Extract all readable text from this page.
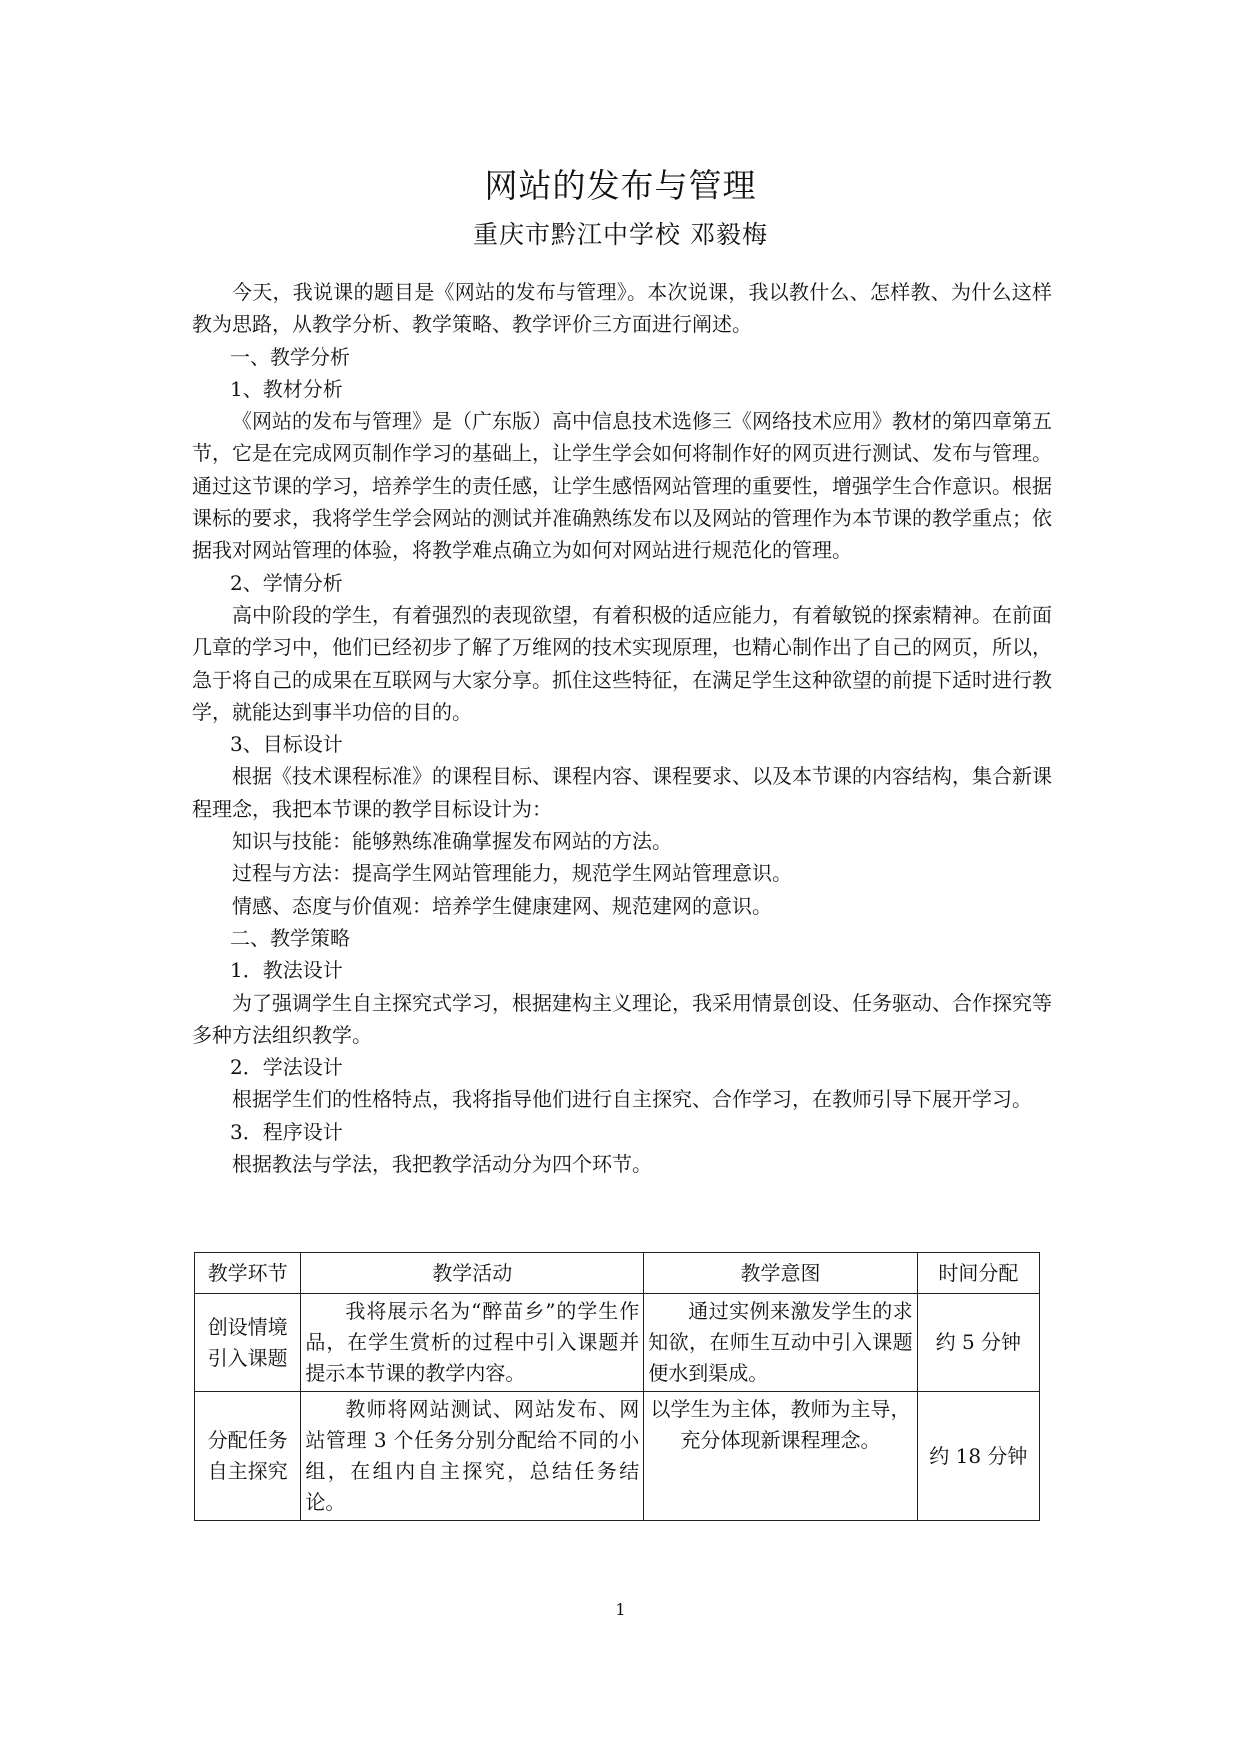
网站的发布与管理
重庆市黔江中学校 邓毅梅

今天，我说课的题目是《网站的发布与管理》。本次说课，我以教什么、怎样教、为什么这样教为思路，从教学分析、教学策略、教学评价三方面进行阐述。

一、教学分析

1、教材分析

《网站的发布与管理》是（广东版）高中信息技术选修三《网络技术应用》教材的第四章第五节，它是在完成网页制作学习的基础上，让学生学会如何将制作好的网页进行测试、发布与管理。通过这节课的学习，培养学生的责任感，让学生感悟网站管理的重要性，增强学生合作意识。根据课标的要求，我将学生学会网站的测试并准确熟练发布以及网站的管理作为本节课的教学重点；依据我对网站管理的体验，将教学难点确立为如何对网站进行规范化的管理。

2、学情分析

高中阶段的学生，有着强烈的表现欲望，有着积极的适应能力，有着敏锐的探索精神。在前面几章的学习中，他们已经初步了解了万维网的技术实现原理，也精心制作出了自己的网页，所以，急于将自己的成果在互联网与大家分享。抓住这些特征，在满足学生这种欲望的前提下适时进行教学，就能达到事半功倍的目的。

3、目标设计

根据《技术课程标准》的课程目标、课程内容、课程要求、以及本节课的内容结构，集合新课程理念，我把本节课的教学目标设计为：

知识与技能：能够熟练准确掌握发布网站的方法。

过程与方法：提高学生网站管理能力，规范学生网站管理意识。

情感、态度与价值观：培养学生健康建网、规范建网的意识。

二、教学策略

1．教法设计

为了强调学生自主探究式学习，根据建构主义理论，我采用情景创设、任务驱动、合作探究等多种方法组织教学。

2．学法设计

根据学生们的性格特点，我将指导他们进行自主探究、合作学习，在教师引导下展开学习。

3．程序设计

根据教法与学法，我把教学活动分为四个环节。

教学环节	教学活动	教学意图	时间分配
创设情境引入课题	我将展示名为“醉苗乡”的学生作品，在学生赏析的过程中引入课题并提示本节课的教学内容。	通过实例来激发学生的求知欲，在师生互动中引入课题便水到渠成。	约 5 分钟
分配任务自主探究	教师将网站测试、网站发布、网站管理 3 个任务分别分配给不同的小组，在组内自主探究，总结任务结论。	以学生为主体，教师为主导，充分体现新课程理念。	约 18 分钟
1
